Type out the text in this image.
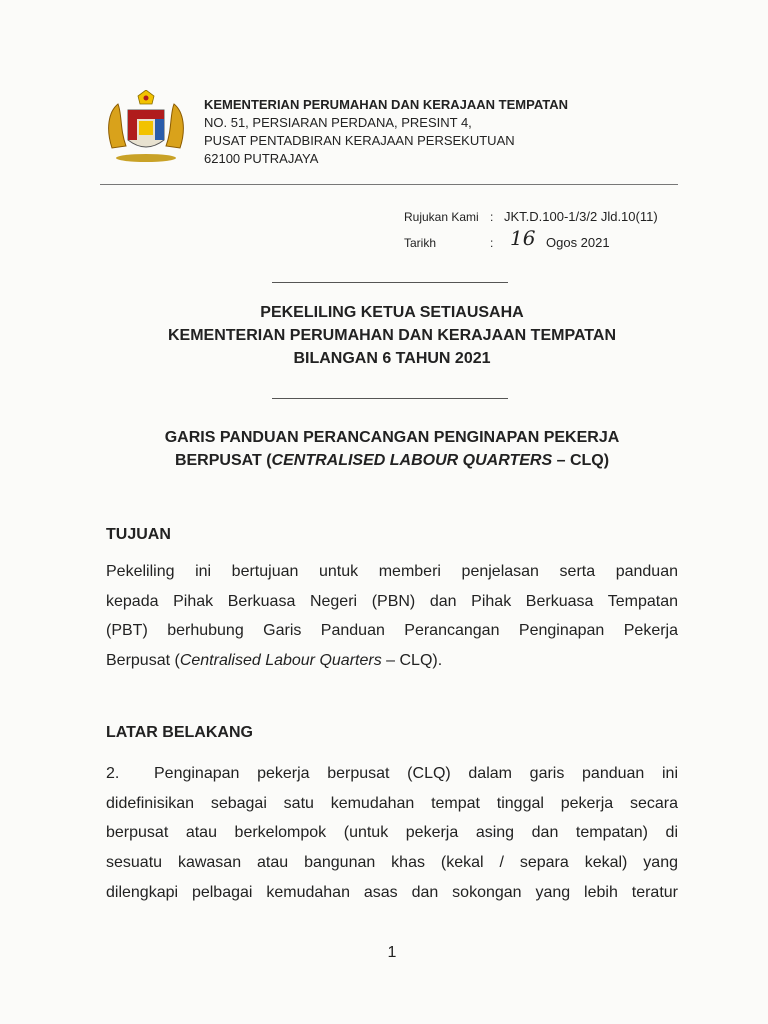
KEMENTERIAN PERUMAHAN DAN KERAJAAN TEMPATAN
NO. 51, PERSIARAN PERDANA, PRESINT 4,
PUSAT PENTADBIRAN KERAJAAN PERSEKUTUAN
62100 PUTRAJAYA
Rujukan Kami : JKT.D.100-1/3/2 Jld.10(11)
Tarikh	: 16 Ogos 2021
PEKELILING KETUA SETIAUSAHA
KEMENTERIAN PERUMAHAN DAN KERAJAAN TEMPATAN
BILANGAN 6 TAHUN 2021
GARIS PANDUAN PERANCANGAN PENGINAPAN PEKERJA
BERPUSAT (CENTRALISED LABOUR QUARTERS – CLQ)
TUJUAN
Pekeliling ini bertujuan untuk memberi penjelasan serta panduan
kepada Pihak Berkuasa Negeri (PBN) dan Pihak Berkuasa Tempatan
(PBT) berhubung Garis Panduan Perancangan Penginapan Pekerja
Berpusat (Centralised Labour Quarters – CLQ).
LATAR BELAKANG
2. Penginapan pekerja berpusat (CLQ) dalam garis panduan ini
didefinisikan sebagai satu kemudahan tempat tinggal pekerja secara
berpusat atau berkelompok (untuk pekerja asing dan tempatan) di
sesuatu kawasan atau bangunan khas (kekal / separa kekal) yang
dilengkapi pelbagai kemudahan asas dan sokongan yang lebih teratur
1
